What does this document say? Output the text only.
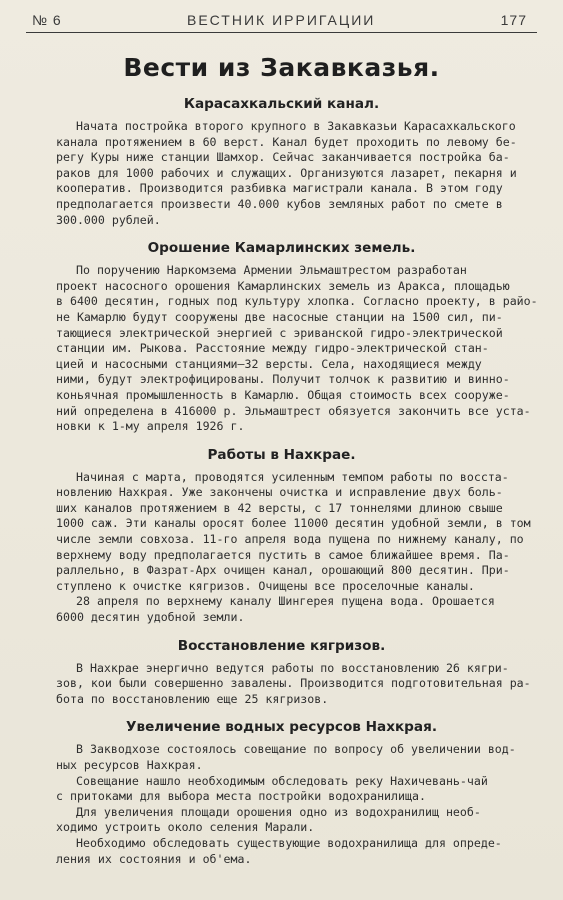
№ 6	ВЕСТНИК ИРРИГАЦИИ	177
Вести из Закавказья.
Карасахкальский канал.
Начата постройка второго крупного в Закавказьи Карасахкальского
канала протяжением в 60 верст. Канал будет проходить по левому бе-
регу Куры ниже станции Шамхор. Сейчас заканчивается постройка ба-
раков для 1000 рабочих и служащих. Организуются лазарет, пекарня и
кооператив. Производится разбивка магистрали канала. В этом году
предполагается произвести 40.000 кубов земляных работ по смете в
300.000 рублей.
Орошение Камарлинских земель.
По поручению Наркомзема Армении Эльмаштрестом разработан
проект насосного орошения Камарлинских земель из Аракса, площадью
в 6400 десятин, годных под культуру хлопка. Согласно проекту, в райо-
не Камарлю будут сооружены две насосные станции на 1500 сил, пи-
тающиеся электрической энергией с эриванской гидро-электрической
станции им. Рыкова. Расстояние между гидро-электрической стан-
цией и насосными станциями—32 версты. Села, находящиеся между
ними, будут электрофицированы. Получит толчок к развитию и винно-
коньячная промышленность в Камарлю. Общая стоимость всех сооруже-
ний определена в 416000 р. Эльмаштрест обязуется закончить все уста-
новки к 1-му апреля 1926 г.
Работы в Нахкрае.
Начиная с марта, проводятся усиленным темпом работы по восста-
новлению Нахкрая. Уже закончены очистка и исправление двух боль-
ших каналов протяжением в 42 версты, с 17 тоннелями длиною свыше
1000 саж. Эти каналы оросят более 11000 десятин удобной земли, в том
числе земли совхоза. 11-го апреля вода пущена по нижнему каналу, по
верхнему воду предполагается пустить в самое ближайшее время. Па-
раллельно, в Фазрат-Арх очищен канал, орошающий 800 десятин. При-
ступлено к очистке кягризов. Очищены все проселочные каналы.
28 апреля по верхнему каналу Шингерея пущена вода. Орошается
6000 десятин удобной земли.
Восстановление кягризов.
В Нахкрае энергично ведутся работы по восстановлению 26 кягри-
зов, кои были совершенно завалены. Производится подготовительная ра-
бота по восстановлению еще 25 кягризов.
Увеличение водных ресурсов Нахкрая.
В Закводхозе состоялось совещание по вопросу об увеличении вод-
ных ресурсов Нахкрая.
Совещание нашло необходимым обследовать реку Нахичевань-чай
с притоками для выбора места постройки водохранилища.
Для увеличения площади орошения одно из водохранилищ необ-
ходимо устроить около селения Марали.
Необходимо обследовать существующие водохранилища для опреде-
ления их состояния и об'ема.
